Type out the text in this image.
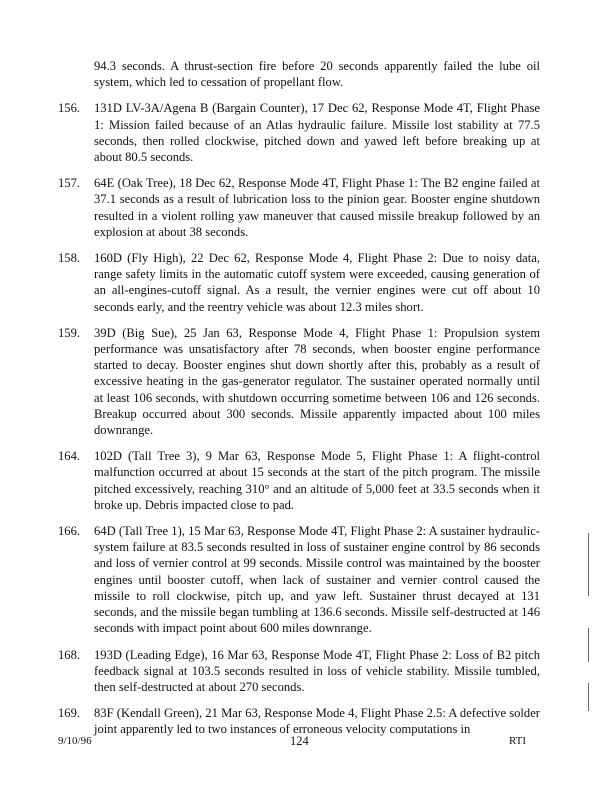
94.3 seconds. A thrust-section fire before 20 seconds apparently failed the lube oil system, which led to cessation of propellant flow.

156.	131D LV-3A/Agena B (Bargain Counter), 17 Dec 62, Response Mode 4T, Flight Phase 1: Mission failed because of an Atlas hydraulic failure. Missile lost stability at 77.5 seconds, then rolled clockwise, pitched down and yawed left before breaking up at about 80.5 seconds.
157.	64E (Oak Tree), 18 Dec 62, Response Mode 4T, Flight Phase 1: The B2 engine failed at 37.1 seconds as a result of lubrication loss to the pinion gear. Booster engine shutdown resulted in a violent rolling yaw maneuver that caused missile breakup followed by an explosion at about 38 seconds.
158.	160D (Fly High), 22 Dec 62, Response Mode 4, Flight Phase 2: Due to noisy data, range safety limits in the automatic cutoff system were exceeded, causing generation of an all-engines-cutoff signal. As a result, the vernier engines were cut off about 10 seconds early, and the reentry vehicle was about 12.3 miles short.
159.	39D (Big Sue), 25 Jan 63, Response Mode 4, Flight Phase 1: Propulsion system performance was unsatisfactory after 78 seconds, when booster engine performance started to decay. Booster engines shut down shortly after this, probably as a result of excessive heating in the gas-generator regulator. The sustainer operated normally until at least 106 seconds, with shutdown occurring sometime between 106 and 126 seconds. Breakup occurred about 300 seconds. Missile apparently impacted about 100 miles downrange.
164.	102D (Tall Tree 3), 9 Mar 63, Response Mode 5, Flight Phase 1: A flight-control malfunction occurred at about 15 seconds at the start of the pitch program. The missile pitched excessively, reaching 310° and an altitude of 5,000 feet at 33.5 seconds when it broke up. Debris impacted close to pad.
166.	64D (Tall Tree 1), 15 Mar 63, Response Mode 4T, Flight Phase 2: A sustainer hydraulic-system failure at 83.5 seconds resulted in loss of sustainer engine control by 86 seconds and loss of vernier control at 99 seconds. Missile control was maintained by the booster engines until booster cutoff, when lack of sustainer and vernier control caused the missile to roll clockwise, pitch up, and yaw left. Sustainer thrust decayed at 131 seconds, and the missile began tumbling at 136.6 seconds. Missile self-destructed at 146 seconds with impact point about 600 miles downrange.
168.	193D (Leading Edge), 16 Mar 63, Response Mode 4T, Flight Phase 2: Loss of B2 pitch feedback signal at 103.5 seconds resulted in loss of vehicle stability. Missile tumbled, then self-destructed at about 270 seconds.
169.	83F (Kendall Green), 21 Mar 63, Response Mode 4, Flight Phase 2.5: A defective solder joint apparently led to two instances of erroneous velocity computations in
9/10/96	124	RTI
